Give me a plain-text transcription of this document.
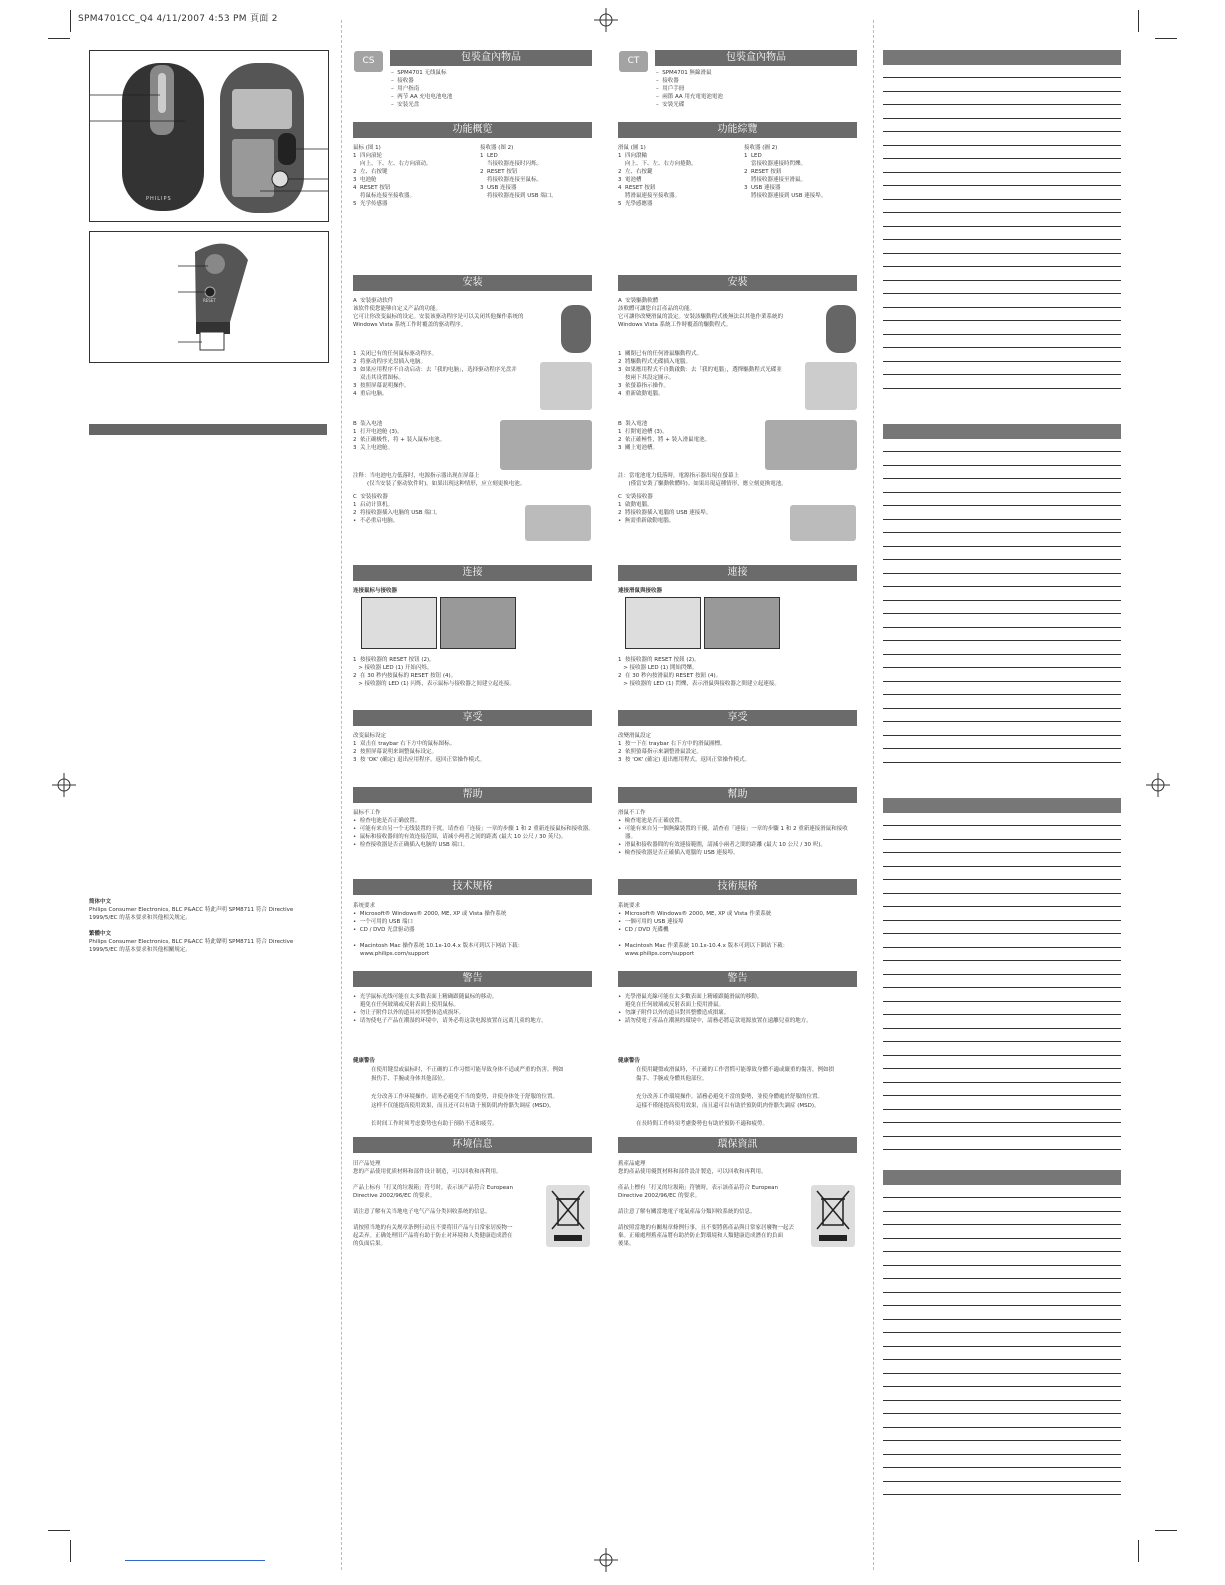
SPM4701CC_Q4 4/11/2007 4:53 PM 頁面 2
PHILIPS
RESET
简体中文
Philips Consumer Electronics, BLC P&ACC 特此声明 SPM8711 符合 Directive
1999/5/EC 的基本要求和其他相关规定。
繁體中文
Philips Consumer Electronics, BLC P&ACC 特此聲明 SPM8711 符合 Directive
1999/5/EC 的基本要求和其他相關規定。
CS	包裝盒內物品
–  SPM4701 无线鼠标
–  接收器
–  用户指南
–  两节 AA 充电电池电池
–  安装光盘
功能概览
鼠标 (图 1)
1  四向滚轮
向上、下、左、右方向滚动。
2  左、右按键
3  电池舱
4  RESET 按钮
将鼠标连接至接收器。
5  光学传感器
接收器 (图 2)
1  LED
当接收器连接时闪烁。
2  RESET 按钮
将接收器连接至鼠标。
3  USB 连接器
将接收器连接到 USB 端口。
安装
A  安装驱动软件
该软件使您能够自定义产品的功能。
它可让你改变鼠标的设定。安装该驱动程序是可以关闭其他操作系统的
Windows Vista 系统工作时覆盖的驱动程序。
1  关闭已有的任何鼠标驱动程序。
2  将驱动程序光盘插入电脑。
3  如果应用程序不自动启动：去「我的电脑」，选择驱动程序光盘并
双击其设置图标。
3  按照屏幕说明操作。
4  重启电脑。
B  装入电池
1  打开电池舱 (3)。
2  依正确极性，将 + 装入鼠标电池。
3  关上电池舱。
注释：当电池电力低落时，电源指示器出现在屏幕上
(仅当安装了驱动软件时)。如果出现这种情形，应立刻更换电池。
C  安装接收器
1  启动计算机。
2  将接收器插入电脑的 USB 端口。
•  不必重启电脑。
连接
连接鼠标与接收器
1  按接收器的 RESET 按钮 (2)。
> 接收器 LED (1) 开始闪烁。
2  在 30 秒内按鼠标的 RESET 按钮 (4)。
> 接收器的 LED (1) 闪烁，表示鼠标与接收器之间建立起连接。
享受
改变鼠标设定
1  双击在 traybar 右下方中的鼠标图标。
2  按照屏幕说明来调整鼠标设定。
3  按 'OK' (确定) 退出应用程序。返回正常操作模式。
帮助
鼠标不工作
•  检查电池是否正确放置。
•  可能有来自另一个无线装置的干扰。请查看「连接」一章的步骤 1 和 2 重新连接鼠标和接收器。
•  鼠标和接收器间的有效连接范围，请减小两者之间的距离 (最大 10 公尺 / 30 英尺)。
•  检查接收器是否正确插入电脑的 USB 端口。
技术规格
系统要求
•  Microsoft® Windows® 2000, ME, XP 或 Vista 操作系统
•  一个可用的 USB 端口
•  CD / DVD 光盘驱动器

•  Macintosh Mac 操作系统 10.1x-10.4.x 版本可到以下网站下载：
www.philips.com/support
警告
•  光学鼠标光线可能在太多数表面上精确跟随鼠标的移动。
避免在任何玻璃或反射表面上使用鼠标。
•  勿让子附件以外的道具对其整体造成损坏。
•  请勿使电子产品在潮湿的环境中，请务必将这款电源放置在远离儿童的地方。
健康警告
在使用键盘或鼠标时，不正确的工作习惯可能导致身体不适或严重的伤害。例如
损伤手、手腕或身体其他部位。

充分改善工作环境操作。请务必避免不当的姿势，并使身体处于舒服的位置。
这样不仅能提高使用效果，而且还可以有助于预防肌肉骨骼失调症 (MSD)。

长时间工作时须考虑姿势也有助于预防不适和疲劳。
环境信息
旧产品处理
您的产品使用优质材料和部件设计制造，可以回收和再利用。

产品上标有「打叉的垃圾箱」符号时，表示该产品符合 European
Directive 2002/96/EC 的要求。

请注意了解有关当地电子电气产品分类回收系统的信息。

请按照当地的有关规章条例行动且不要将旧产品与日常家居废物一
起丢弃。正确处理旧产品将有助于防止对环境和人类健康造成潜在
的负面后果。
CT	包裝盒內物品
–  SPM4701 無線滑鼠
–  接收器
–  用戶手冊
–  兩節 AA 用充電電池電池
–  安裝光碟
功能綜覽
滑鼠 (圖 1)
1  四向滾輪
向上、下、左、右方向捲動。
2  左、右按鍵
3  電池槽
4  RESET 按鈕
將滑鼠連接至接收器。
5  光學感應器
接收器 (圖 2)
1  LED
當接收器連接時閃爍。
2  RESET 按鈕
將接收器連接至滑鼠。
3  USB 連接器
將接收器連接到 USB 連接埠。
安裝
A  安裝驅動軟體
該軟體可讓您自訂產品的功能。
它可讓你改變滑鼠的設定。安裝該驅動程式後無法以其他作業系統的
Windows Vista 系統工作時覆蓋的驅動程式。
1  關閉已有的任何滑鼠驅動程式。
2  將驅動程式光碟插入電腦。
3  如果應用程式不自動啟動：去「我的電腦」，選擇驅動程式光碟並
按兩下其設定圖示。
3  依螢幕指示操作。
4  重新啟動電腦。
B  裝入電池
1  打開電池槽 (3)。
2  依正確極性，將 + 裝入滑鼠電池。
3  關上電池槽。
註：當電池電力低落時，電源指示器出現在螢幕上
(僅當安裝了驅動軟體時)。如果出現這種情形，應立刻更換電池。
C  安裝接收器
1  啟動電腦。
2  將接收器插入電腦的 USB 連接埠。
•  無需重新啟動電腦。
連接
連接滑鼠與接收器
1  按接收器的 RESET 按鈕 (2)。
> 接收器 LED (1) 開始閃爍。
2  在 30 秒內按滑鼠的 RESET 按鈕 (4)。
> 接收器的 LED (1) 閃爍，表示滑鼠與接收器之間建立起連接。
享受
改變滑鼠設定
1  按一下在 traybar 右下方中的滑鼠圖標。
2  依照螢幕指示來調整滑鼠設定。
3  按 'OK' (確定) 退出應用程式。返回正常操作模式。
幫助
滑鼠不工作
•  檢查電池是否正確放置。
•  可能有來自另一個無線裝置的干擾。請查看「連接」一章的步驟 1 和 2 重新連接滑鼠和接收
器。
•  滑鼠和接收器間的有效連接範圍，請減小兩者之間的距離 (最大 10 公尺 / 30 呎)。
•  檢查接收器是否正確插入電腦的 USB 連接埠。
技術規格
系統要求
•  Microsoft® Windows® 2000, ME, XP 或 Vista 作業系統
•  一個可用的 USB 連接埠
•  CD / DVD 光碟機

•  Macintosh Mac 作業系統 10.1x-10.4.x 版本可到以下網站下載：
www.philips.com/support
警告
•  光學滑鼠光線可能在太多數表面上精確跟隨滑鼠的移動。
避免在任何玻璃或反射表面上使用滑鼠。
•  勿讓子附件以外的道具對其整體造成損壞。
•  請勿使電子產品在潮濕的環境中，請務必將這款電源放置在遠離兒童的地方。
健康警告
在使用鍵盤或滑鼠時，不正確的工作習慣可能導致身體不適或嚴重的傷害，例如損
傷手、手腕或身體其他部位。

充分改善工作環境操作。請務必避免不當的姿勢，並使身體處於舒服的位置。
這樣不僅能提高使用效果，而且還可以有助於預防肌肉骨骼失調症 (MSD)。

在長時間工作時須考慮姿勢也有助於預防不適和疲勞。
環保資訊
舊產品處理
您的產品使用優質材料和部件設計製造，可以回收和再利用。

產品上標有「打叉的垃圾箱」符號時，表示該產品符合 European
Directive 2002/96/EC 的要求。

請注意了解有關當地電子電氣產品分類回收系統的信息。

請按照當地的有關規章條例行事，且不要將舊產品與日常家居廢物一起丟
棄。正確處理舊產品將有助於防止對環境和人類健康造成潛在的負面
後果。
